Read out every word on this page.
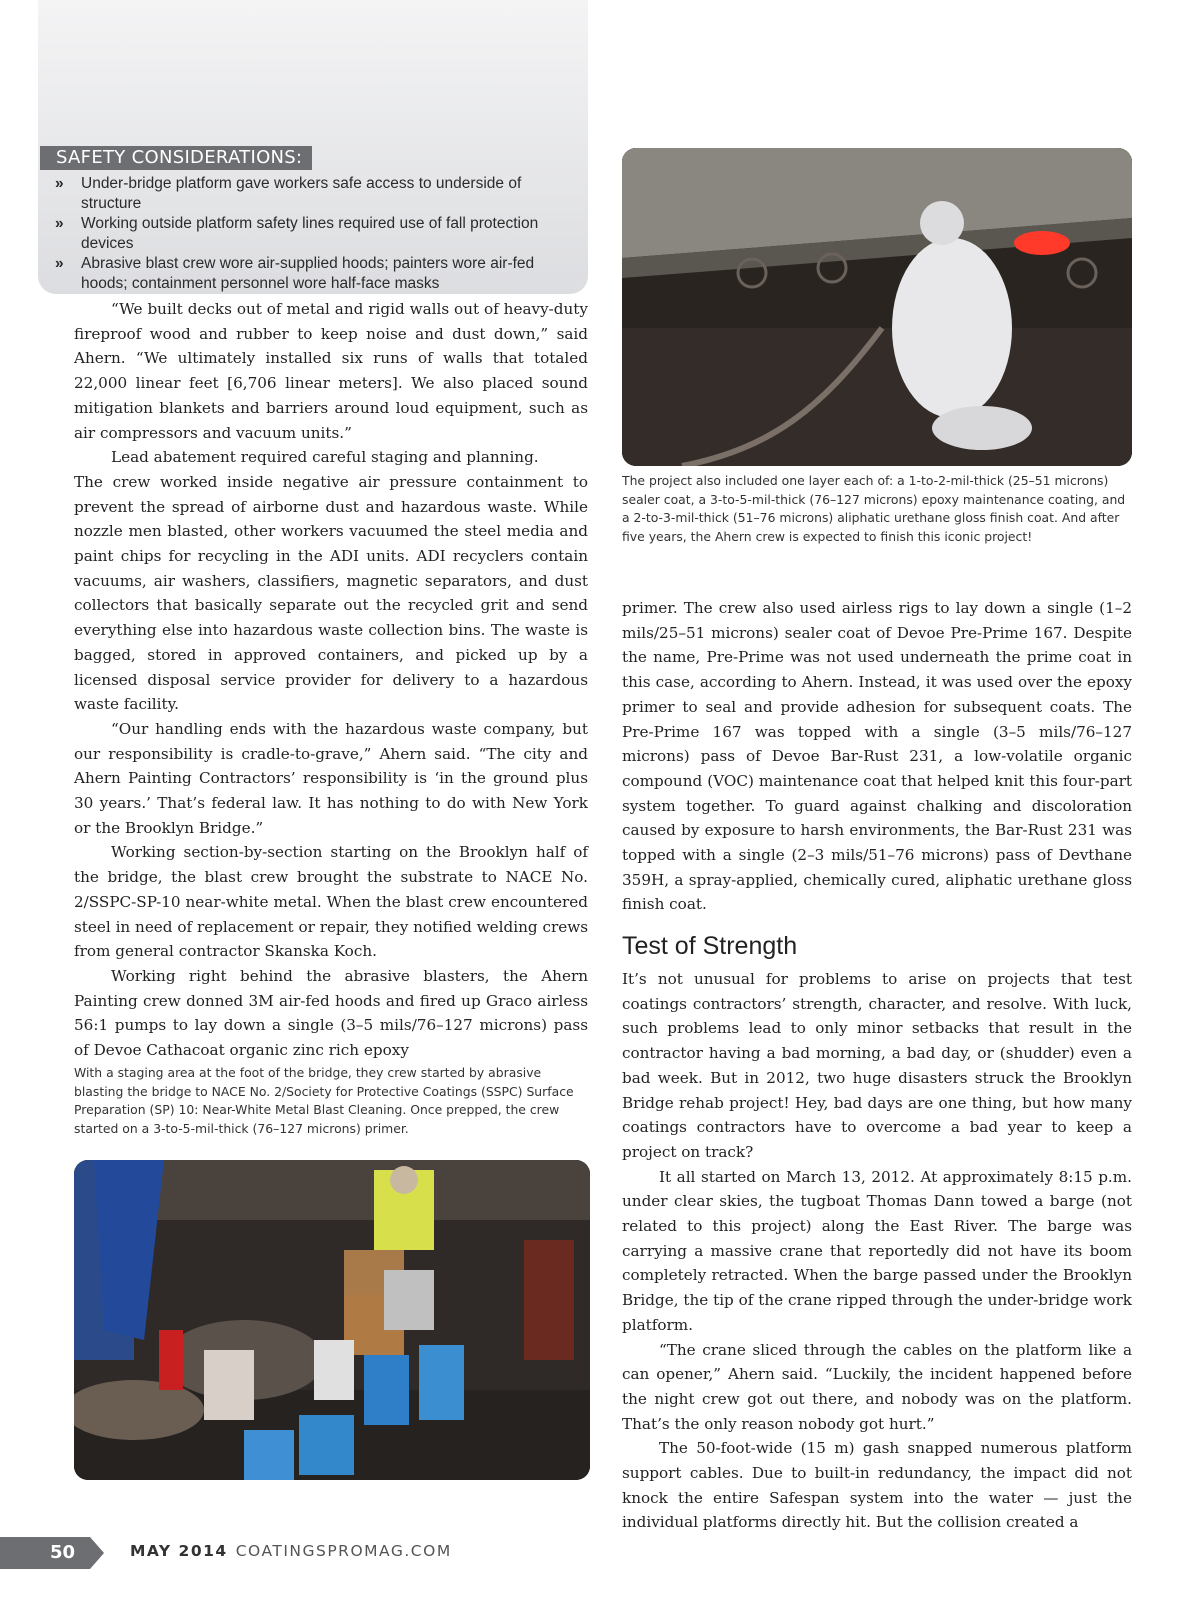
SAFETY CONSIDERATIONS:
» Under-bridge platform gave workers safe access to underside of structure
» Working outside platform safety lines required use of fall protection devices
» Abrasive blast crew wore air-supplied hoods; painters wore air-fed hoods; containment personnel wore half-face masks

“We built decks out of metal and rigid walls out of heavy-duty fireproof wood and rubber to keep noise and dust down,” said Ahern. “We ultimately installed six runs of walls that totaled 22,000 linear feet [6,706 linear meters]. We also placed sound mitigation blankets and barriers around loud equipment, such as air compressors and vacuum units.”

Lead abatement required careful staging and planning.

The crew worked inside negative air pressure containment to prevent the spread of airborne dust and hazardous waste. While nozzle men blasted, other workers vacuumed the steel media and paint chips for recycling in the ADI units. ADI recyclers contain vacuums, air washers, classifiers, magnetic separators, and dust collectors that basically separate out the recycled grit and send everything else into hazardous waste collection bins. The waste is bagged, stored in approved containers, and picked up by a licensed disposal service provider for delivery to a hazardous waste facility.

“Our handling ends with the hazardous waste company, but our responsibility is cradle-to-grave,” Ahern said. “The city and Ahern Painting Contractors’ responsibility is ‘in the ground plus 30 years.’ That’s federal law. It has nothing to do with New York or the Brooklyn Bridge.”

Working section-by-section starting on the Brooklyn half of the bridge, the blast crew brought the substrate to NACE No. 2/SSPC-SP-10 near-white metal. When the blast crew encountered steel in need of replacement or repair, they notified welding crews from general contractor Skanska Koch.

Working right behind the abrasive blasters, the Ahern Painting crew donned 3M air-fed hoods and fired up Graco airless 56:1 pumps to lay down a single (3–5 mils/76–127 microns) pass of Devoe Cathacoat organic zinc rich epoxy

With a staging area at the foot of the bridge, they crew started by abrasive blasting the bridge to NACE No. 2/Society for Protective Coatings (SSPC) Surface Preparation (SP) 10: Near-White Metal Blast Cleaning. Once prepped, the crew started on a 3-to-5-mil-thick (76–127 microns) primer.
The project also included one layer each of: a 1-to-2-mil-thick (25–51 microns) sealer coat, a 3-to-5-mil-thick (76–127 microns) epoxy maintenance coating, and a 2-to-3-mil-thick (51–76 microns) aliphatic urethane gloss finish coat. And after five years, the Ahern crew is expected to finish this iconic project!

primer. The crew also used airless rigs to lay down a single (1–2 mils/25–51 microns) sealer coat of Devoe Pre-Prime 167. Despite the name, Pre-Prime was not used underneath the prime coat in this case, according to Ahern. Instead, it was used over the epoxy primer to seal and provide adhesion for subsequent coats. The Pre-Prime 167 was topped with a single (3–5 mils/76–127 microns) pass of Devoe Bar-Rust 231, a low-volatile organic compound (VOC) maintenance coat that helped knit this four-part system together. To guard against chalking and discoloration caused by exposure to harsh environments, the Bar-Rust 231 was topped with a single (2–3 mils/51–76 microns) pass of Devthane 359H, a spray-applied, chemically cured, aliphatic urethane gloss finish coat.

Test of Strength

It’s not unusual for problems to arise on projects that test coatings contractors’ strength, character, and resolve. With luck, such problems lead to only minor setbacks that result in the contractor having a bad morning, a bad day, or (shudder) even a bad week. But in 2012, two huge disasters struck the Brooklyn Bridge rehab project! Hey, bad days are one thing, but how many coatings contractors have to overcome a bad year to keep a project on track?

It all started on March 13, 2012. At approximately 8:15 p.m. under clear skies, the tugboat Thomas Dann towed a barge (not related to this project) along the East River. The barge was carrying a massive crane that reportedly did not have its boom completely retracted. When the barge passed under the Brooklyn Bridge, the tip of the crane ripped through the under-bridge work platform.

“The crane sliced through the cables on the platform like a can opener,” Ahern said. “Luckily, the incident happened before the night crew got out there, and nobody was on the platform. That’s the only reason nobody got hurt.”

The 50-foot-wide (15 m) gash snapped numerous platform support cables. Due to built-in redundancy, the impact did not knock the entire Safespan system into the water — just the individual platforms directly hit. But the collision created a

50	MAY 2014 COATINGSPROMAG.COM
